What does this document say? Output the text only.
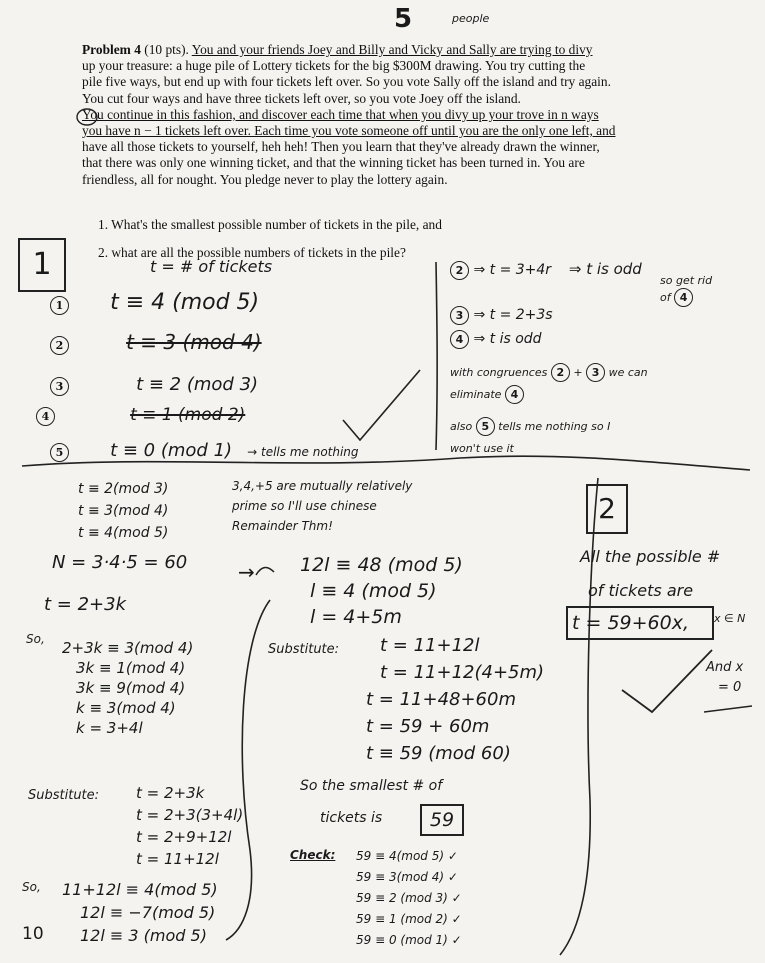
5	people

Problem 4 (10 pts). You and your friends Joey and Billy and Vicky and Sally are trying to divy
up your treasure: a huge pile of Lottery tickets for the big $300M drawing. You try cutting the
pile five ways, but end up with four tickets left over. So you vote Sally off the island and try again.
You cut four ways and have three tickets left over, so you vote Joey off the island.

You continue in this fashion, and discover each time that when you divy up your trove in n ways
you have n − 1 tickets left over. Each time you vote someone off until you are the only one left, and
have all those tickets to yourself, heh heh! Then you learn that they've already drawn the winner,
that there was only one winning ticket, and that the winning ticket has been turned in. You are
friendless, all for nought. You pledge never to play the lottery again.

1. What's the smallest possible number of tickets in the pile, and
2. what are all the possible numbers of tickets in the pile?
1	t = # of tickets
1 t ≡ 4 (mod 5)
2	t ≡ 3 (mod 4)
3	t ≡ 2 (mod 3)
4	t ≡ 1 (mod 2)
5	t ≡ 0 (mod 1) → tells me nothing
2 ⇒ t = 3+4r ⇒ t is odd
so get rid
of 4
3 ⇒ t = 2+3s
4 ⇒ t is odd
with congruences 2 + 3 we can
eliminate 4
also 5 tells me nothing so I
won't use it
t ≡ 2(mod 3)
t ≡ 3(mod 4)
t ≡ 4(mod 5)
N = 3·4·5 = 60
t = 2+3k
So, 2+3k ≡ 3(mod 4)
3k ≡ 1(mod 4)
3k ≡ 9(mod 4)
k ≡ 3(mod 4)
k = 3+4l
Substitute: t = 2+3k
t = 2+3(3+4l)
t = 2+9+12l
t = 11+12l
So, 11+12l ≡ 4(mod 5)
12l ≡ −7(mod 5)
12l ≡ 3 (mod 5)
10
3,4,+5 are mutually relatively
prime so I'll use chinese
Remainder Thm!
→ 12l ≡ 48 (mod 5)
l ≡ 4 (mod 5)
l = 4+5m
Substitute: t = 11+12l
t = 11+12(4+5m)
t = 11+48+60m
t = 59 + 60m
t ≡ 59 (mod 60)
So the smallest # of
tickets is	59
Check: 59 ≡ 4(mod 5) ✓
59 ≡ 3(mod 4) ✓
59 ≡ 2 (mod 3) ✓
59 ≡ 1 (mod 2) ✓
59 ≡ 0 (mod 1) ✓
2
All the possible #
of tickets are
t = 59+60x,	x ∈ N
And x
= 0
